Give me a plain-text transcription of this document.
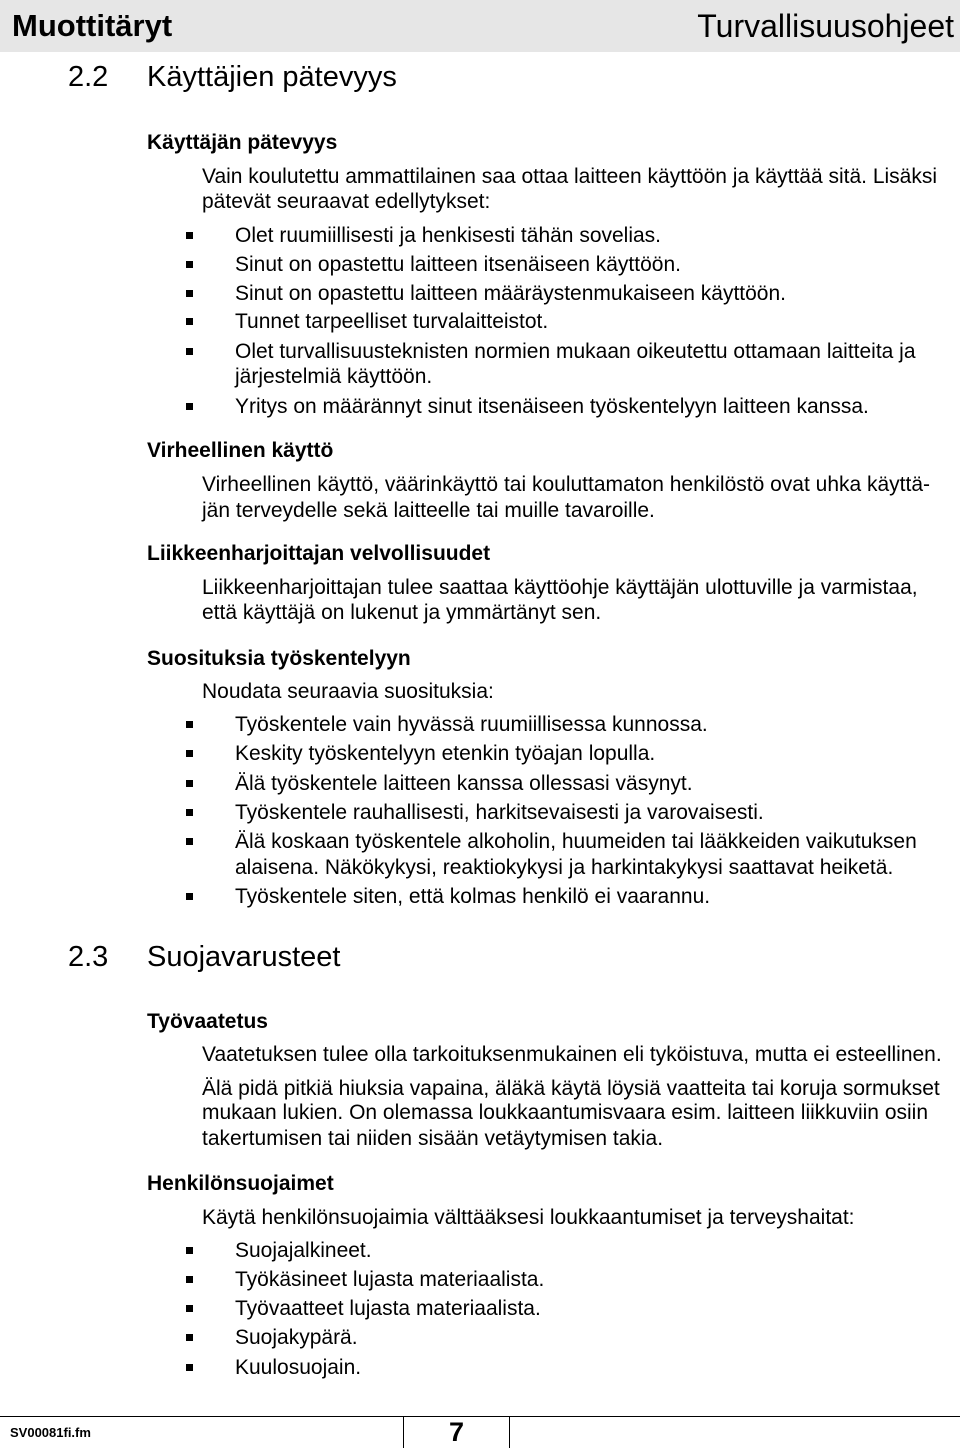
Muottitäryt	Turvallisuusohjeet
2.2 Käyttäjien pätevyys
Käyttäjän pätevyys
Vain koulutettu ammattilainen saa ottaa laitteen käyttöön ja käyttää sitä. Lisäksi
pätevät seuraavat edellytykset:
Olet ruumiillisesti ja henkisesti tähän sovelias.
Sinut on opastettu laitteen itsenäiseen käyttöön.
Sinut on opastettu laitteen määräystenmukaiseen käyttöön.
Tunnet tarpeelliset turvalaitteistot.
Olet turvallisuusteknisten normien mukaan oikeutettu ottamaan laitteita ja
järjestelmiä käyttöön.
Yritys on määrännyt sinut itsenäiseen työskentelyyn laitteen kanssa.
Virheellinen käyttö
Virheellinen käyttö, väärinkäyttö tai kouluttamaton henkilöstö ovat uhka käyttä-
jän terveydelle sekä laitteelle tai muille tavaroille.
Liikkeenharjoittajan velvollisuudet
Liikkeenharjoittajan tulee saattaa käyttöohje käyttäjän ulottuville ja varmistaa,
että käyttäjä on lukenut ja ymmärtänyt sen.
Suosituksia työskentelyyn
Noudata seuraavia suosituksia:
Työskentele vain hyvässä ruumiillisessa kunnossa.
Keskity työskentelyyn etenkin työajan lopulla.
Älä työskentele laitteen kanssa ollessasi väsynyt.
Työskentele rauhallisesti, harkitsevaisesti ja varovaisesti.
Älä koskaan työskentele alkoholin, huumeiden tai lääkkeiden vaikutuksen
alaisena. Näkökykysi, reaktiokykysi ja harkintakykysi saattavat heiketä.
Työskentele siten, että kolmas henkilö ei vaarannu.
2.3 Suojavarusteet
Työvaatetus
Vaatetuksen tulee olla tarkoituksenmukainen eli tyköistuva, mutta ei esteellinen.
Älä pidä pitkiä hiuksia vapaina, äläkä käytä löysiä vaatteita tai koruja sormukset
mukaan lukien. On olemassa loukkaantumisvaara esim. laitteen liikkuviin osiin
takertumisen tai niiden sisään vetäytymisen takia.
Henkilönsuojaimet
Käytä henkilönsuojaimia välttääksesi loukkaantumiset ja terveyshaitat:
Suojajalkineet.
Työkäsineet lujasta materiaalista.
Työvaatteet lujasta materiaalista.
Suojakypärä.
Kuulosuojain.
SV00081fi.fm	7
